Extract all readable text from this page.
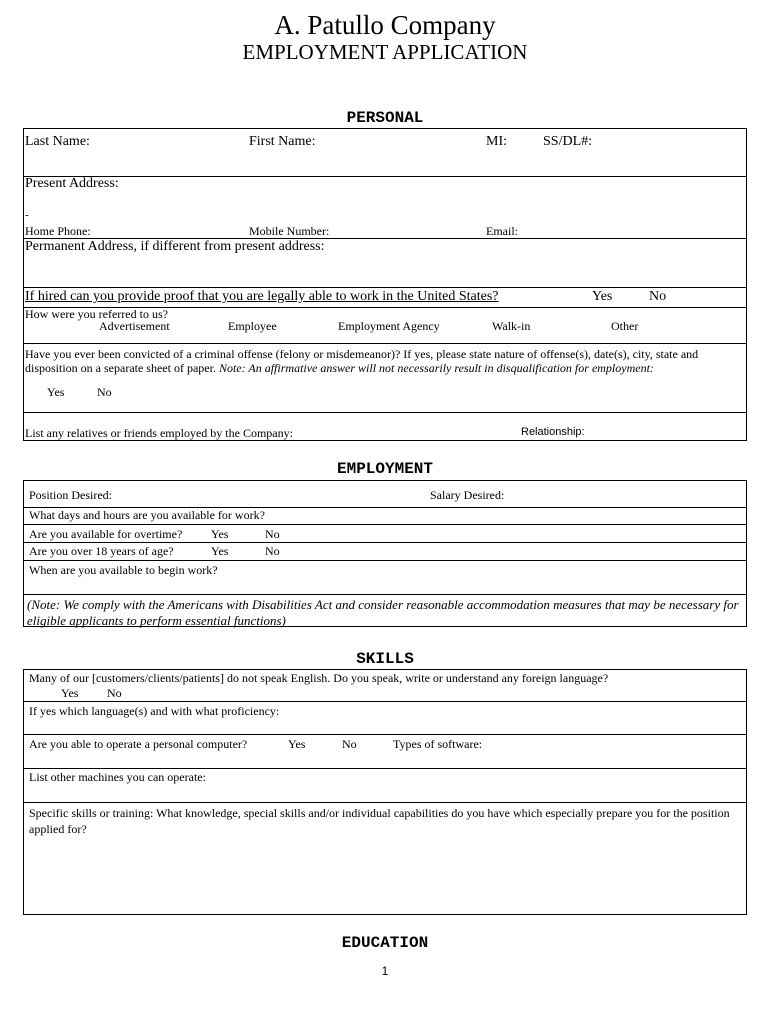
A. Patullo Company
EMPLOYMENT APPLICATION
PERSONAL
Last Name:	First Name:	MI:	SS/DL#:
Present Address:
-
Home Phone:	Mobile Number:	Email:
Permanent Address, if different from present address:
If hired can you provide proof that you are legally able to work in the United States?	Yes	No
How were you referred to us?
Advertisement	Employee	Employment Agency	Walk-in	Other
Have you ever been convicted of a criminal offense (felony or misdemeanor)? If yes, please state nature of offense(s), date(s), city, state and disposition on a separate sheet of paper. Note: An affirmative answer will not necessarily result in disqualification for employment:
Yes	No
List any relatives or friends employed by the Company:	Relationship:
EMPLOYMENT
Position Desired:	Salary Desired:
What days and hours are you available for work?
Are you available for overtime? Yes	No
Are you over 18 years of age?	Yes	No
When are you available to begin work?
(Note: We comply with the Americans with Disabilities Act and consider reasonable accommodation measures that may be necessary for eligible applicants to perform essential functions)
SKILLS
Many of our [customers/clients/patients] do not speak English. Do you speak, write or understand any foreign language?
Yes No
If yes which language(s) and with what proficiency:
Are you able to operate a personal computer?	Yes	No	Types of software:
List other machines you can operate:
Specific skills or training: What knowledge, special skills and/or individual capabilities do you have which especially prepare you for the position applied for?
EDUCATION
1
